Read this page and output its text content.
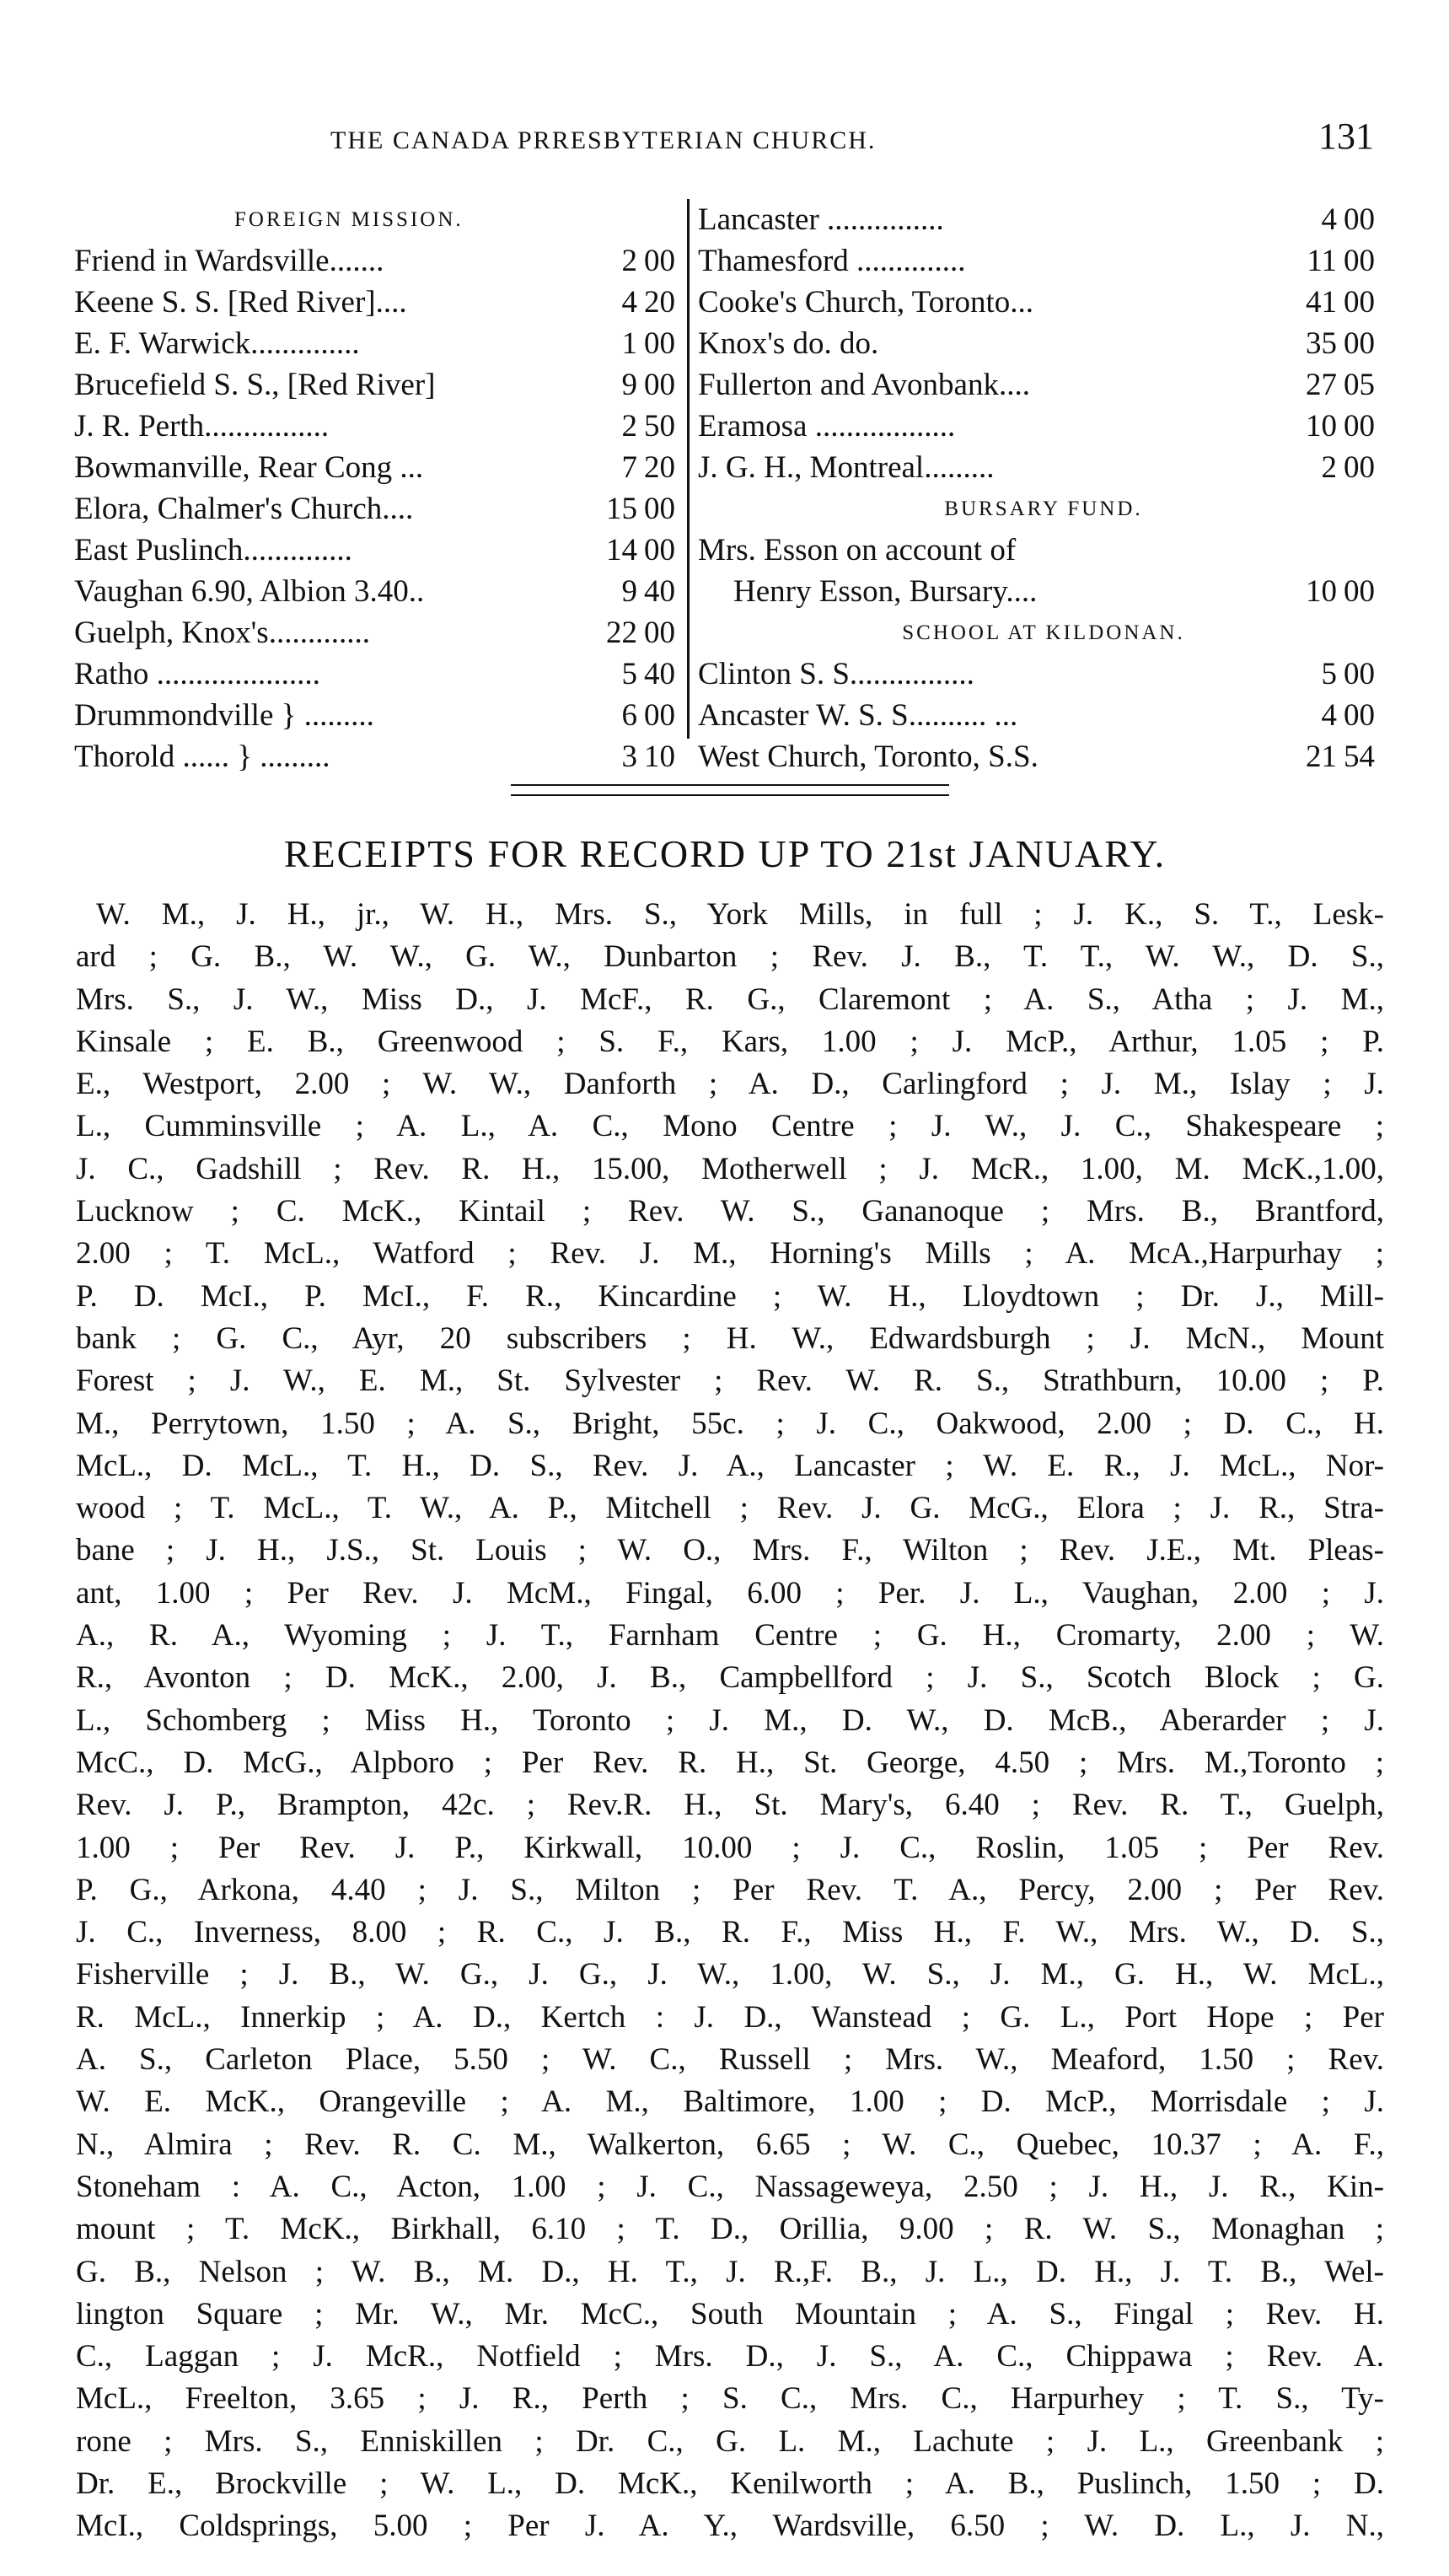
THE CANADA PRRESBYTERIAN CHURCH.	131
FOREIGN MISSION.
Friend in Wardsville.......	2 00
Keene S. S. [Red River]....	4 20
E. F. Warwick..............	1 00
Brucefield S. S., [Red River]	9 00
J. R. Perth................	2 50
Bowmanville, Rear Cong ...	7 20
Elora, Chalmer's Church....	15 00
East Puslinch..............	14 00
Vaughan 6.90, Albion 3.40..	9 40
Guelph, Knox's.............	22 00
Ratho .....................	5 40
Drummondville } .........	6 00
Thorold ...... } .........	3 10
Lancaster ...............	4 00
Thamesford ..............	11 00
Cooke's Church, Toronto...	41 00
Knox's do. do.	35 00
Fullerton and Avonbank....	27 05
Eramosa ..................	10 00
J. G. H., Montreal.........	2 00
BURSARY FUND.
Mrs. Esson on account of
Henry Esson, Bursary....	10 00
SCHOOL AT KILDONAN.
Clinton S. S................	5 00
Ancaster W. S. S.......... ...	4 00
West Church, Toronto, S.S.	21 54
RECEIPTS FOR RECORD UP TO 21st JANUARY.
W. M., J. H., jr., W. H., Mrs. S., York Mills, in full ; J. K., S. T., Lesk-
ard ; G. B., W. W., G. W., Dunbarton ; Rev. J. B., T. T., W. W., D. S.,
Mrs. S., J. W., Miss D., J. McF., R. G., Claremont ; A. S., Atha ; J. M.,
Kinsale ; E. B., Greenwood ; S. F., Kars, 1.00 ; J. McP., Arthur, 1.05 ; P.
E., Westport, 2.00 ; W. W., Danforth ; A. D., Carlingford ; J. M., Islay ; J.
L., Cumminsville ; A. L., A. C., Mono Centre ; J. W., J. C., Shakespeare ;
J. C., Gadshill ; Rev. R. H., 15.00, Motherwell ; J. McR., 1.00, M. McK.,1.00,
Lucknow ; C. McK., Kintail ; Rev. W. S., Gananoque ; Mrs. B., Brantford,
2.00 ; T. McL., Watford ; Rev. J. M., Horning's Mills ; A. McA.,Harpurhay ;
P. D. McI., P. McI., F. R., Kincardine ; W. H., Lloydtown ; Dr. J., Mill-
bank ; G. C., Ayr, 20 subscribers ; H. W., Edwardsburgh ; J. McN., Mount
Forest ; J. W., E. M., St. Sylvester ; Rev. W. R. S., Strathburn, 10.00 ; P.
M., Perrytown, 1.50 ; A. S., Bright, 55c. ; J. C., Oakwood, 2.00 ; D. C., H.
McL., D. McL., T. H., D. S., Rev. J. A., Lancaster ; W. E. R., J. McL., Nor-
wood ; T. McL., T. W., A. P., Mitchell ; Rev. J. G. McG., Elora ; J. R., Stra-
bane ; J. H., J.S., St. Louis ; W. O., Mrs. F., Wilton ; Rev. J.E., Mt. Pleas-
ant, 1.00 ; Per Rev. J. McM., Fingal, 6.00 ; Per. J. L., Vaughan, 2.00 ; J.
A., R. A., Wyoming ; J. T., Farnham Centre ; G. H., Cromarty, 2.00 ; W.
R., Avonton ; D. McK., 2.00, J. B., Campbellford ; J. S., Scotch Block ; G.
L., Schomberg ; Miss H., Toronto ; J. M., D. W., D. McB., Aberarder ; J.
McC., D. McG., Alpboro ; Per Rev. R. H., St. George, 4.50 ; Mrs. M.,Toronto ;
Rev. J. P., Brampton, 42c. ; Rev.R. H., St. Mary's, 6.40 ; Rev. R. T., Guelph,
1.00 ; Per Rev. J. P., Kirkwall, 10.00 ; J. C., Roslin, 1.05 ; Per Rev.
P. G., Arkona, 4.40 ; J. S., Milton ; Per Rev. T. A., Percy, 2.00 ; Per Rev.
J. C., Inverness, 8.00 ; R. C., J. B., R. F., Miss H., F. W., Mrs. W., D. S.,
Fisherville ; J. B., W. G., J. G., J. W., 1.00, W. S., J. M., G. H., W. McL.,
R. McL., Innerkip ; A. D., Kertch : J. D., Wanstead ; G. L., Port Hope ; Per
A. S., Carleton Place, 5.50 ; W. C., Russell ; Mrs. W., Meaford, 1.50 ; Rev.
W. E. McK., Orangeville ; A. M., Baltimore, 1.00 ; D. McP., Morrisdale ; J.
N., Almira ; Rev. R. C. M., Walkerton, 6.65 ; W. C., Quebec, 10.37 ; A. F.,
Stoneham : A. C., Acton, 1.00 ; J. C., Nassageweya, 2.50 ; J. H., J. R., Kin-
mount ; T. McK., Birkhall, 6.10 ; T. D., Orillia, 9.00 ; R. W. S., Monaghan ;
G. B., Nelson ; W. B., M. D., H. T., J. R.,F. B., J. L., D. H., J. T. B., Wel-
lington Square ; Mr. W., Mr. McC., South Mountain ; A. S., Fingal ; Rev. H.
C., Laggan ; J. McR., Notfield ; Mrs. D., J. S., A. C., Chippawa ; Rev. A.
McL., Freelton, 3.65 ; J. R., Perth ; S. C., Mrs. C., Harpurhey ; T. S., Ty-
rone ; Mrs. S., Enniskillen ; Dr. C., G. L. M., Lachute ; J. L., Greenbank ;
Dr. E., Brockville ; W. L., D. McK., Kenilworth ; A. B., Puslinch, 1.50 ; D.
McI., Coldsprings, 5.00 ; Per J. A. Y., Wardsville, 6.50 ; W. D. L., J. N.,
